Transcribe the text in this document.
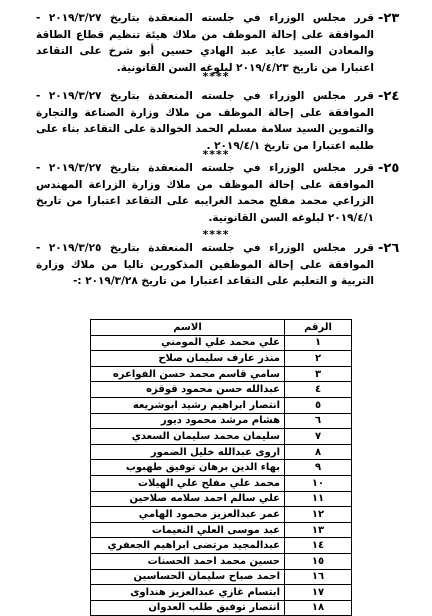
-٢٣
قرر مجلس الوزراء في جلسته المنعقدة بتاريخ ٢٠١٩/٣/٢٧ - الموافقة على إحالة الموظف من ملاك هيئة تنظيم قطاع الطاقة والمعادن السيد عايد عبد الهادي حسين أبو شرخ على التقاعد اعتبارا من تاريخ ٢٠١٩/٤/٢٣ لبلوغه السن القانونية.
****
-٢٤
قرر مجلس الوزراء في جلسته المنعقدة بتاريخ ٢٠١٩/٣/٢٧ - الموافقة على إحالة الموظف من ملاك وزارة الصناعة والتجارة والتموين السيد سلامة مسلم الحمد الخوالدة على التقاعد بناء على طلبه اعتبارا من تاريخ ٢٠١٩/٤/١ .
****
-٢٥
قرر مجلس الوزراء في جلسته المنعقدة بتاريخ ٢٠١٩/٣/٢٧ - الموافقة على إحالة الموظف من ملاك وزارة الزراعة المهندس الزراعي محمد مفلح محمد الغرايبه على التقاعد اعتبارا من تاريخ ٢٠١٩/٤/١ لبلوغه السن القانونية.
****
-٢٦
قرر مجلس الوزراء في جلسته المنعقدة بتاريخ ٢٠١٩/٣/٢٥ - الموافقة على إحالة الموظفين المذكورين تاليا من ملاك وزارة التربية و التعليم على التقاعد اعتبارا من تاريخ ٢٠١٩/٣/٢٨ :-
الرقم	الاسم
١	علي محمد علي المومني
٢	منذر عارف سليمان صلاح
٣	سامي قاسم محمد حسن الفواعره
٤	عبدالله حسن محمود قوقزه
٥	انتصار ابراهيم رشيد ابوشريعه
٦	هشام مرشد محمود ديور
٧	سليمان محمد سليمان السعدي
٨	اروى عبدالله خليل الضمور
٩	بهاء الدين برهان توفيق طهبوب
١٠	محمد علي مفلح علي الهيلات
١١	علي سالم احمد سلامه صلاحين
١٢	عمر عبدالعزيز محمود الهامي
١٣	عبد موسى العلي النعيمات
١٤	عبدالمجيد مرتضى ابراهيم الجعفري
١٥	حسين محمد احمد الحسنات
١٦	احمد صباح سليمان الحساسين
١٧	ابتسام غازي عبدالعزيز هنداوى
١٨	انتصار توفيق طلب العدوان
